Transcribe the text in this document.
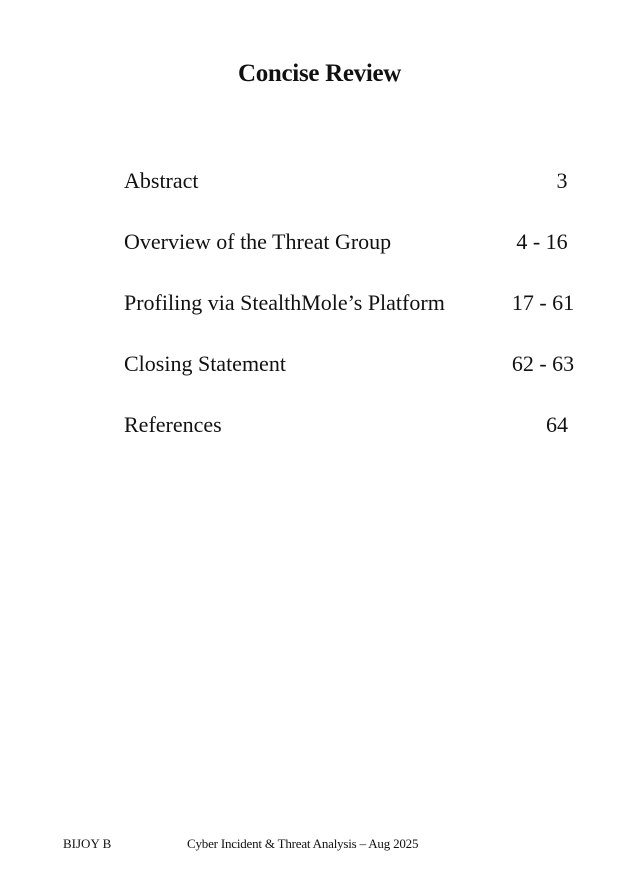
Concise Review
Abstract	3
Overview of the Threat Group	4 - 16
Profiling via StealthMole’s Platform	17 - 61
Closing Statement	62 - 63
References	64
BIJOY B	Cyber Incident & Threat Analysis – Aug 2025
